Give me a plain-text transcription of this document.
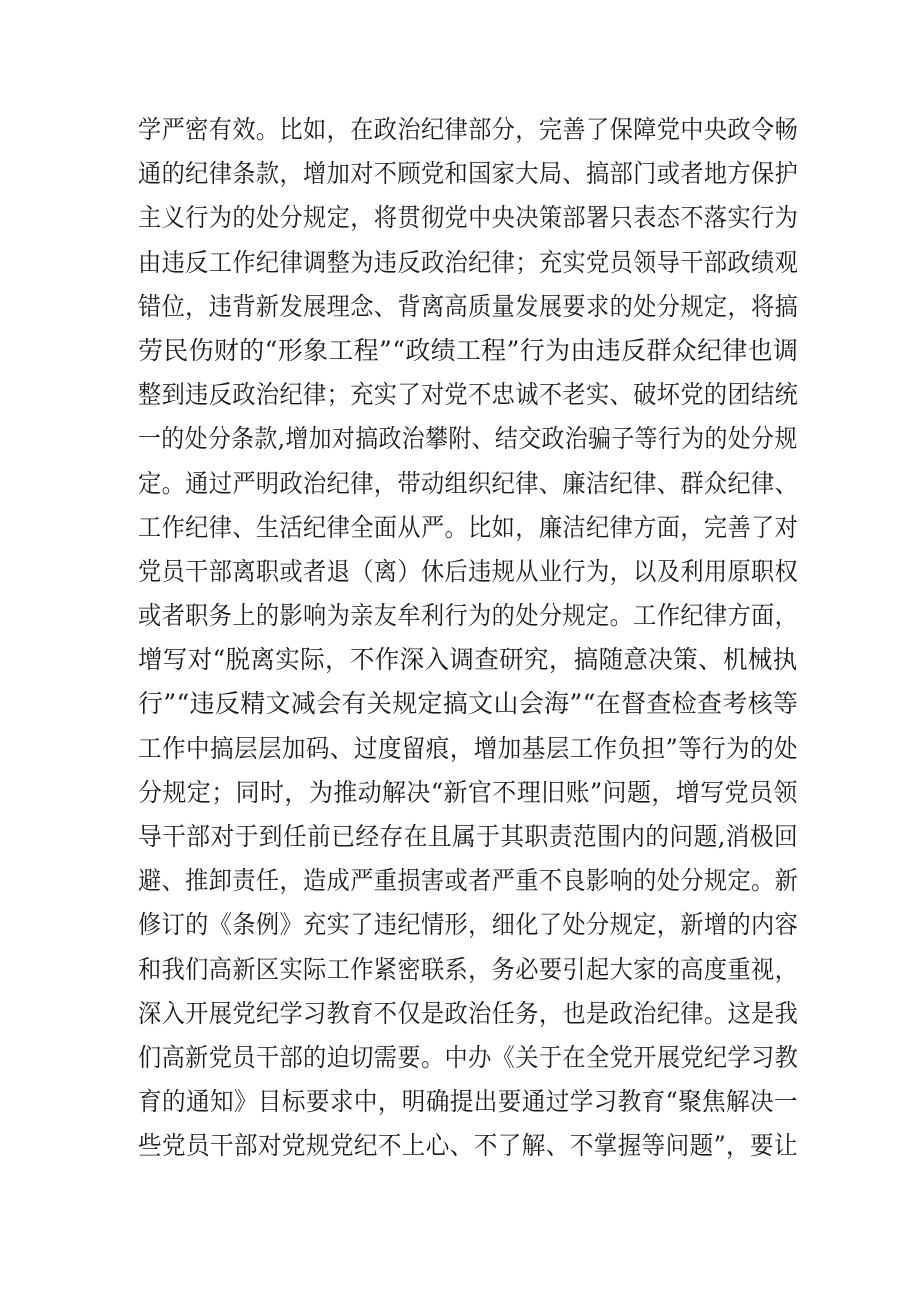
学严密有效。比如，在政治纪律部分，完善了保障党中央政令畅
通的纪律条款，增加对不顾党和国家大局、搞部门或者地方保护
主义行为的处分规定，将贯彻党中央决策部署只表态不落实行为
由违反工作纪律调整为违反政治纪律；充实党员领导干部政绩观
错位，违背新发展理念、背离高质量发展要求的处分规定，将搞
劳民伤财的“形象工程”“政绩工程”行为由违反群众纪律也调
整到违反政治纪律；充实了对党不忠诚不老实、破坏党的团结统
一的处分条款,增加对搞政治攀附、结交政治骗子等行为的处分规
定。通过严明政治纪律，带动组织纪律、廉洁纪律、群众纪律、
工作纪律、生活纪律全面从严。比如，廉洁纪律方面，完善了对
党员干部离职或者退（离）休后违规从业行为，以及利用原职权
或者职务上的影响为亲友牟利行为的处分规定。工作纪律方面，
增写对“脱离实际，不作深入调查研究，搞随意决策、机械执
行”“违反精文减会有关规定搞文山会海”“在督查检查考核等
工作中搞层层加码、过度留痕，增加基层工作负担”等行为的处
分规定；同时，为推动解决“新官不理旧账”问题，增写党员领
导干部对于到任前已经存在且属于其职责范围内的问题,消极回
避、推卸责任，造成严重损害或者严重不良影响的处分规定。新
修订的《条例》充实了违纪情形，细化了处分规定，新增的内容
和我们高新区实际工作紧密联系，务必要引起大家的高度重视，
深入开展党纪学习教育不仅是政治任务，也是政治纪律。这是我
们高新党员干部的迫切需要。中办《关于在全党开展党纪学习教
育的通知》目标要求中，明确提出要通过学习教育“聚焦解决一
些党员干部对党规党纪不上心、不了解、不掌握等问题”，要让
